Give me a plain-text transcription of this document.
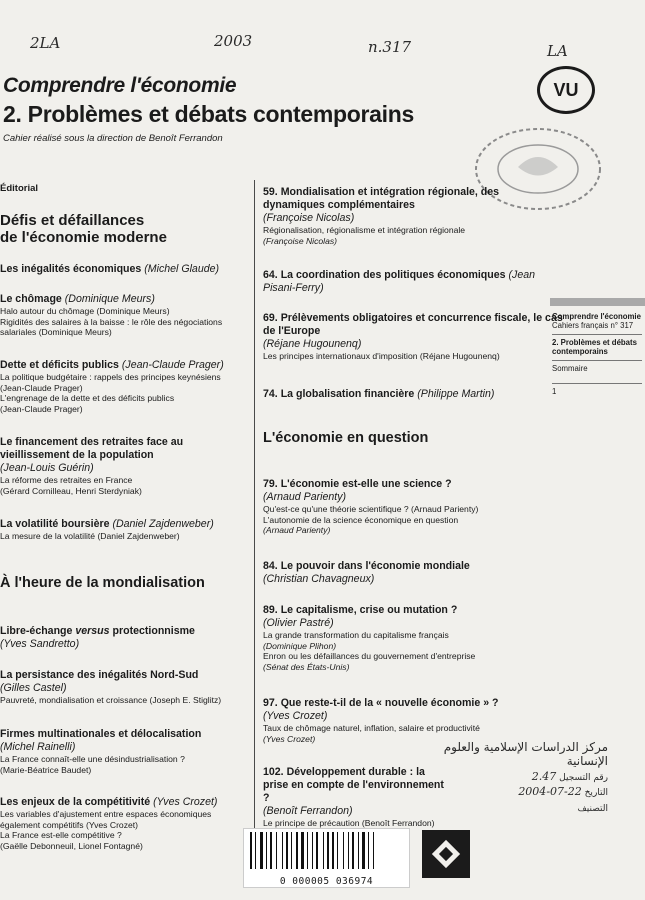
2LA	2003	n.317	LA
VU
Comprendre l'économie
2. Problèmes et débats contemporains
Cahier réalisé sous la direction de Benoît Ferrandon
Éditorial
Défis et défaillances
de l'économie moderne
Les inégalités économiques (Michel Glaude)
Le chômage (Dominique Meurs)
Halo autour du chômage (Dominique Meurs)
Rigidités des salaires à la baisse : le rôle des négociations
salariales (Dominique Meurs)
Dette et déficits publics (Jean-Claude Prager)
La politique budgétaire : rappels des principes keynésiens
(Jean-Claude Prager)
L'engrenage de la dette et des déficits publics
(Jean-Claude Prager)
Le financement des retraites face au vieillissement de la population
(Jean-Louis Guérin)
La réforme des retraites en France
(Gérard Cornilleau, Henri Sterdyniak)
La volatilité boursière (Daniel Zajdenweber)
La mesure de la volatilité (Daniel Zajdenweber)
À l'heure de la mondialisation
Libre-échange versus protectionnisme
(Yves Sandretto)
La persistance des inégalités Nord-Sud
(Gilles Castel)
Pauvreté, mondialisation et croissance (Joseph E. Stiglitz)
Firmes multinationales et délocalisation
(Michel Rainelli)
La France connaît-elle une désindustrialisation ?
(Marie-Béatrice Baudet)
Les enjeux de la compétitivité (Yves Crozet)
Les variables d'ajustement entre espaces économiques
également compétitifs (Yves Crozet)
La France est-elle compétitive ?
(Gaëlle Debonneuil, Lionel Fontagné)
59. Mondialisation et intégration régionale, des dynamiques complémentaires
(Françoise Nicolas)
Régionalisation, régionalisme et intégration régionale
(Françoise Nicolas)
64. La coordination des politiques économiques (Jean Pisani-Ferry)
69. Prélèvements obligatoires et concurrence fiscale, le cas de l'Europe
(Réjane Hugounenq)
Les principes internationaux d'imposition (Réjane Hugounenq)
74. La globalisation financière (Philippe Martin)
L'économie en question
79. L'économie est-elle une science ?
(Arnaud Parienty)
Qu'est-ce qu'une théorie scientifique ? (Arnaud Parienty)
L'autonomie de la science économique en question
(Arnaud Parienty)
84. Le pouvoir dans l'économie mondiale
(Christian Chavagneux)
89. Le capitalisme, crise ou mutation ?
(Olivier Pastré)
La grande transformation du capitalisme français
(Dominique Plihon)
Enron ou les défaillances du gouvernement d'entreprise
(Sénat des États-Unis)
97. Que reste-t-il de la « nouvelle économie » ?
(Yves Crozet)
Taux de chômage naturel, inflation, salaire et productivité
(Yves Crozet)
102. Développement durable : la prise en compte de l'environnement ?
(Benoît Ferrandon)
Le principe de précaution (Benoît Ferrandon)
Comprendre l'économie
Cahiers français n° 317
2. Problèmes et débats contemporains
Sommaire
1
مركز الدراسات الإسلامية والعلوم الإنسانية
رقم التسجيل 2.47
التاريخ 22-07-2004
التصنيف
0 000005 036974
